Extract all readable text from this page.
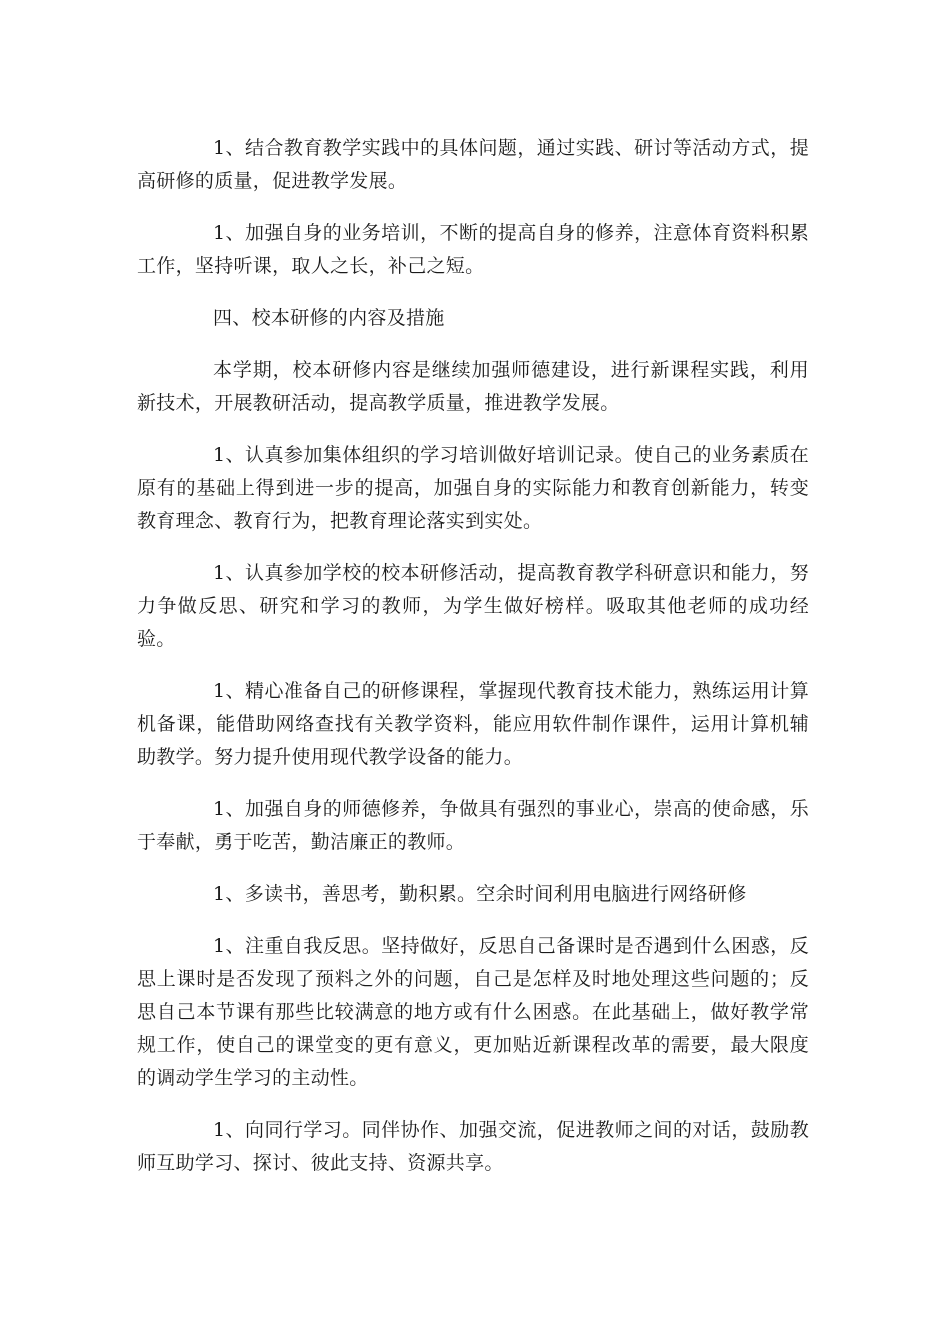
1、结合教育教学实践中的具体问题，通过实践、研讨等活动方式，提高研修的质量，促进教学发展。

1、加强自身的业务培训，不断的提高自身的修养，注意体育资料积累工作，坚持听课，取人之长，补己之短。

四、校本研修的内容及措施

本学期，校本研修内容是继续加强师德建设，进行新课程实践，利用新技术，开展教研活动，提高教学质量，推进教学发展。

1、认真参加集体组织的学习培训做好培训记录。使自己的业务素质在原有的基础上得到进一步的提高，加强自身的实际能力和教育创新能力，转变教育理念、教育行为，把教育理论落实到实处。

1、认真参加学校的校本研修活动，提高教育教学科研意识和能力，努力争做反思、研究和学习的教师，为学生做好榜样。吸取其他老师的成功经验。

1、精心准备自己的研修课程，掌握现代教育技术能力，熟练运用计算机备课，能借助网络查找有关教学资料，能应用软件制作课件，运用计算机辅助教学。努力提升使用现代教学设备的能力。

1、加强自身的师德修养，争做具有强烈的事业心，崇高的使命感，乐于奉献，勇于吃苦，勤洁廉正的教师。

1、多读书，善思考，勤积累。空余时间利用电脑进行网络研修

1、注重自我反思。坚持做好，反思自己备课时是否遇到什么困惑，反思上课时是否发现了预料之外的问题，自己是怎样及时地处理这些问题的；反思自己本节课有那些比较满意的地方或有什么困惑。在此基础上，做好教学常规工作，使自己的课堂变的更有意义，更加贴近新课程改革的需要，最大限度的调动学生学习的主动性。

1、向同行学习。同伴协作、加强交流，促进教师之间的对话，鼓励教师互助学习、探讨、彼此支持、资源共享。
